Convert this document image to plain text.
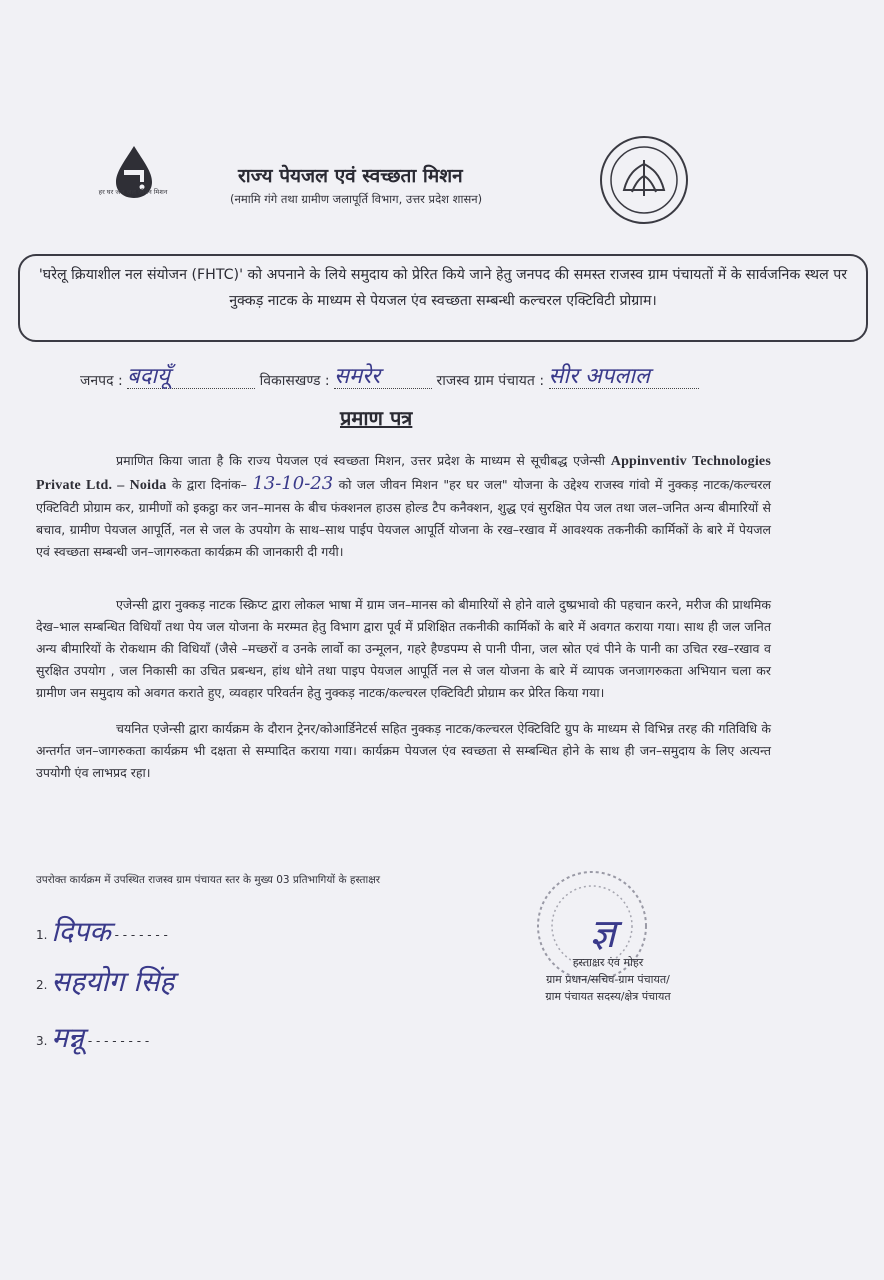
हर घर जल जल जीवन मिशन
राज्य पेयजल एवं स्वच्छता मिशन
(नमामि गंगे तथा ग्रामीण जलापूर्ति विभाग, उत्तर प्रदेश शासन)
'घरेलू क्रियाशील नल संयोजन (FHTC)' को अपनाने के लिये समुदाय को प्रेरित किये जाने हेतु जनपद की समस्त राजस्व ग्राम पंचायतों में के सार्वजनिक स्थल पर नुक्कड़ नाटक के माध्यम से पेयजल एंव स्वच्छता सम्बन्धी कल्चरल एक्टिविटी प्रोग्राम।
जनपद : बदायूँ	विकासखण्ड : समरेर	राजस्व ग्राम पंचायत : सीर अपलाल
प्रमाण पत्र
प्रमाणित किया जाता है कि राज्य पेयजल एवं स्वच्छता मिशन, उत्तर प्रदेश के माध्यम से सूचीबद्ध एजेन्सी Appinventiv Technologies Private Ltd. – Noida के द्वारा दिनांक– 13-10-23 को जल जीवन मिशन "हर घर जल" योजना के उद्देश्य राजस्व गांवो में नुक्कड़ नाटक/कल्चरल एक्टिविटी प्रोग्राम कर, ग्रामीणों को इकट्ठा कर जन–मानस के बीच फंक्शनल हाउस होल्ड टैप कनैक्शन, शुद्ध एवं सुरक्षित पेय जल तथा जल–जनित अन्य बीमारियों से बचाव, ग्रामीण पेयजल आपूर्ति, नल से जल के उपयोग के साथ–साथ पाईप पेयजल आपूर्ति योजना के रख–रखाव में आवश्यक तकनीकी कार्मिकों के बारे में पेयजल एवं स्वच्छता सम्बन्धी जन–जागरुकता कार्यक्रम की जानकारी दी गयी।
एजेन्सी द्वारा नुक्कड़ नाटक स्क्रिप्ट द्वारा लोकल भाषा में ग्राम जन–मानस को बीमारियों से होने वाले दुष्प्रभावो की पहचान करने, मरीज की प्राथमिक देख–भाल सम्बन्धित विधियाँ तथा पेय जल योजना के मरम्मत हेतु विभाग द्वारा पूर्व में प्रशिक्षित तकनीकी कार्मिकों के बारे में अवगत कराया गया। साथ ही जल जनित अन्य बीमारियों के रोकथाम की विधियाँ (जैसे –मच्छरों व उनके लार्वो का उन्मूलन, गहरे हैण्डपम्प से पानी पीना, जल स्रोत एवं पीने के पानी का उचित रख–रखाव व सुरक्षित उपयोग , जल निकासी का उचित प्रबन्धन, हांथ धोने तथा पाइप पेयजल आपूर्ति नल से जल योजना के बारे में व्यापक जनजागरुकता अभियान चला कर ग्रामीण जन समुदाय को अवगत कराते हुए, व्यवहार परिवर्तन हेतु नुक्कड़ नाटक/कल्चरल एक्टिविटी प्रोग्राम कर प्रेरित किया गया।
चयनित एजेन्सी द्वारा कार्यक्रम के दौरान ट्रेनर/कोआर्डिनेटर्स सहित नुक्कड़ नाटक/कल्चरल ऐक्टिविटि ग्रुप के माध्यम से विभिन्न तरह की गतिविधि के अन्तर्गत जन–जागरुकता कार्यक्रम भी दक्षता से सम्पादित कराया गया। कार्यक्रम पेयजल एंव स्वच्छता से सम्बन्धित होने के साथ ही जन–समुदाय के लिए अत्यन्त उपयोगी एंव लाभप्रद रहा।
उपरोक्त कार्यक्रम में उपस्थित राजस्व ग्राम पंचायत स्तर के मुख्य 03 प्रतिभागियों के हस्ताक्षर
1. दिपक - - - - - - -
2. सहयोग सिंह
3. मन्नू - - - - - - - -
ज्ञ
हस्ताक्षर एंव मोहर
ग्राम प्रधान/सचिव-ग्राम पंचायत/
ग्राम पंचायत सदस्य/क्षेत्र पंचायत
